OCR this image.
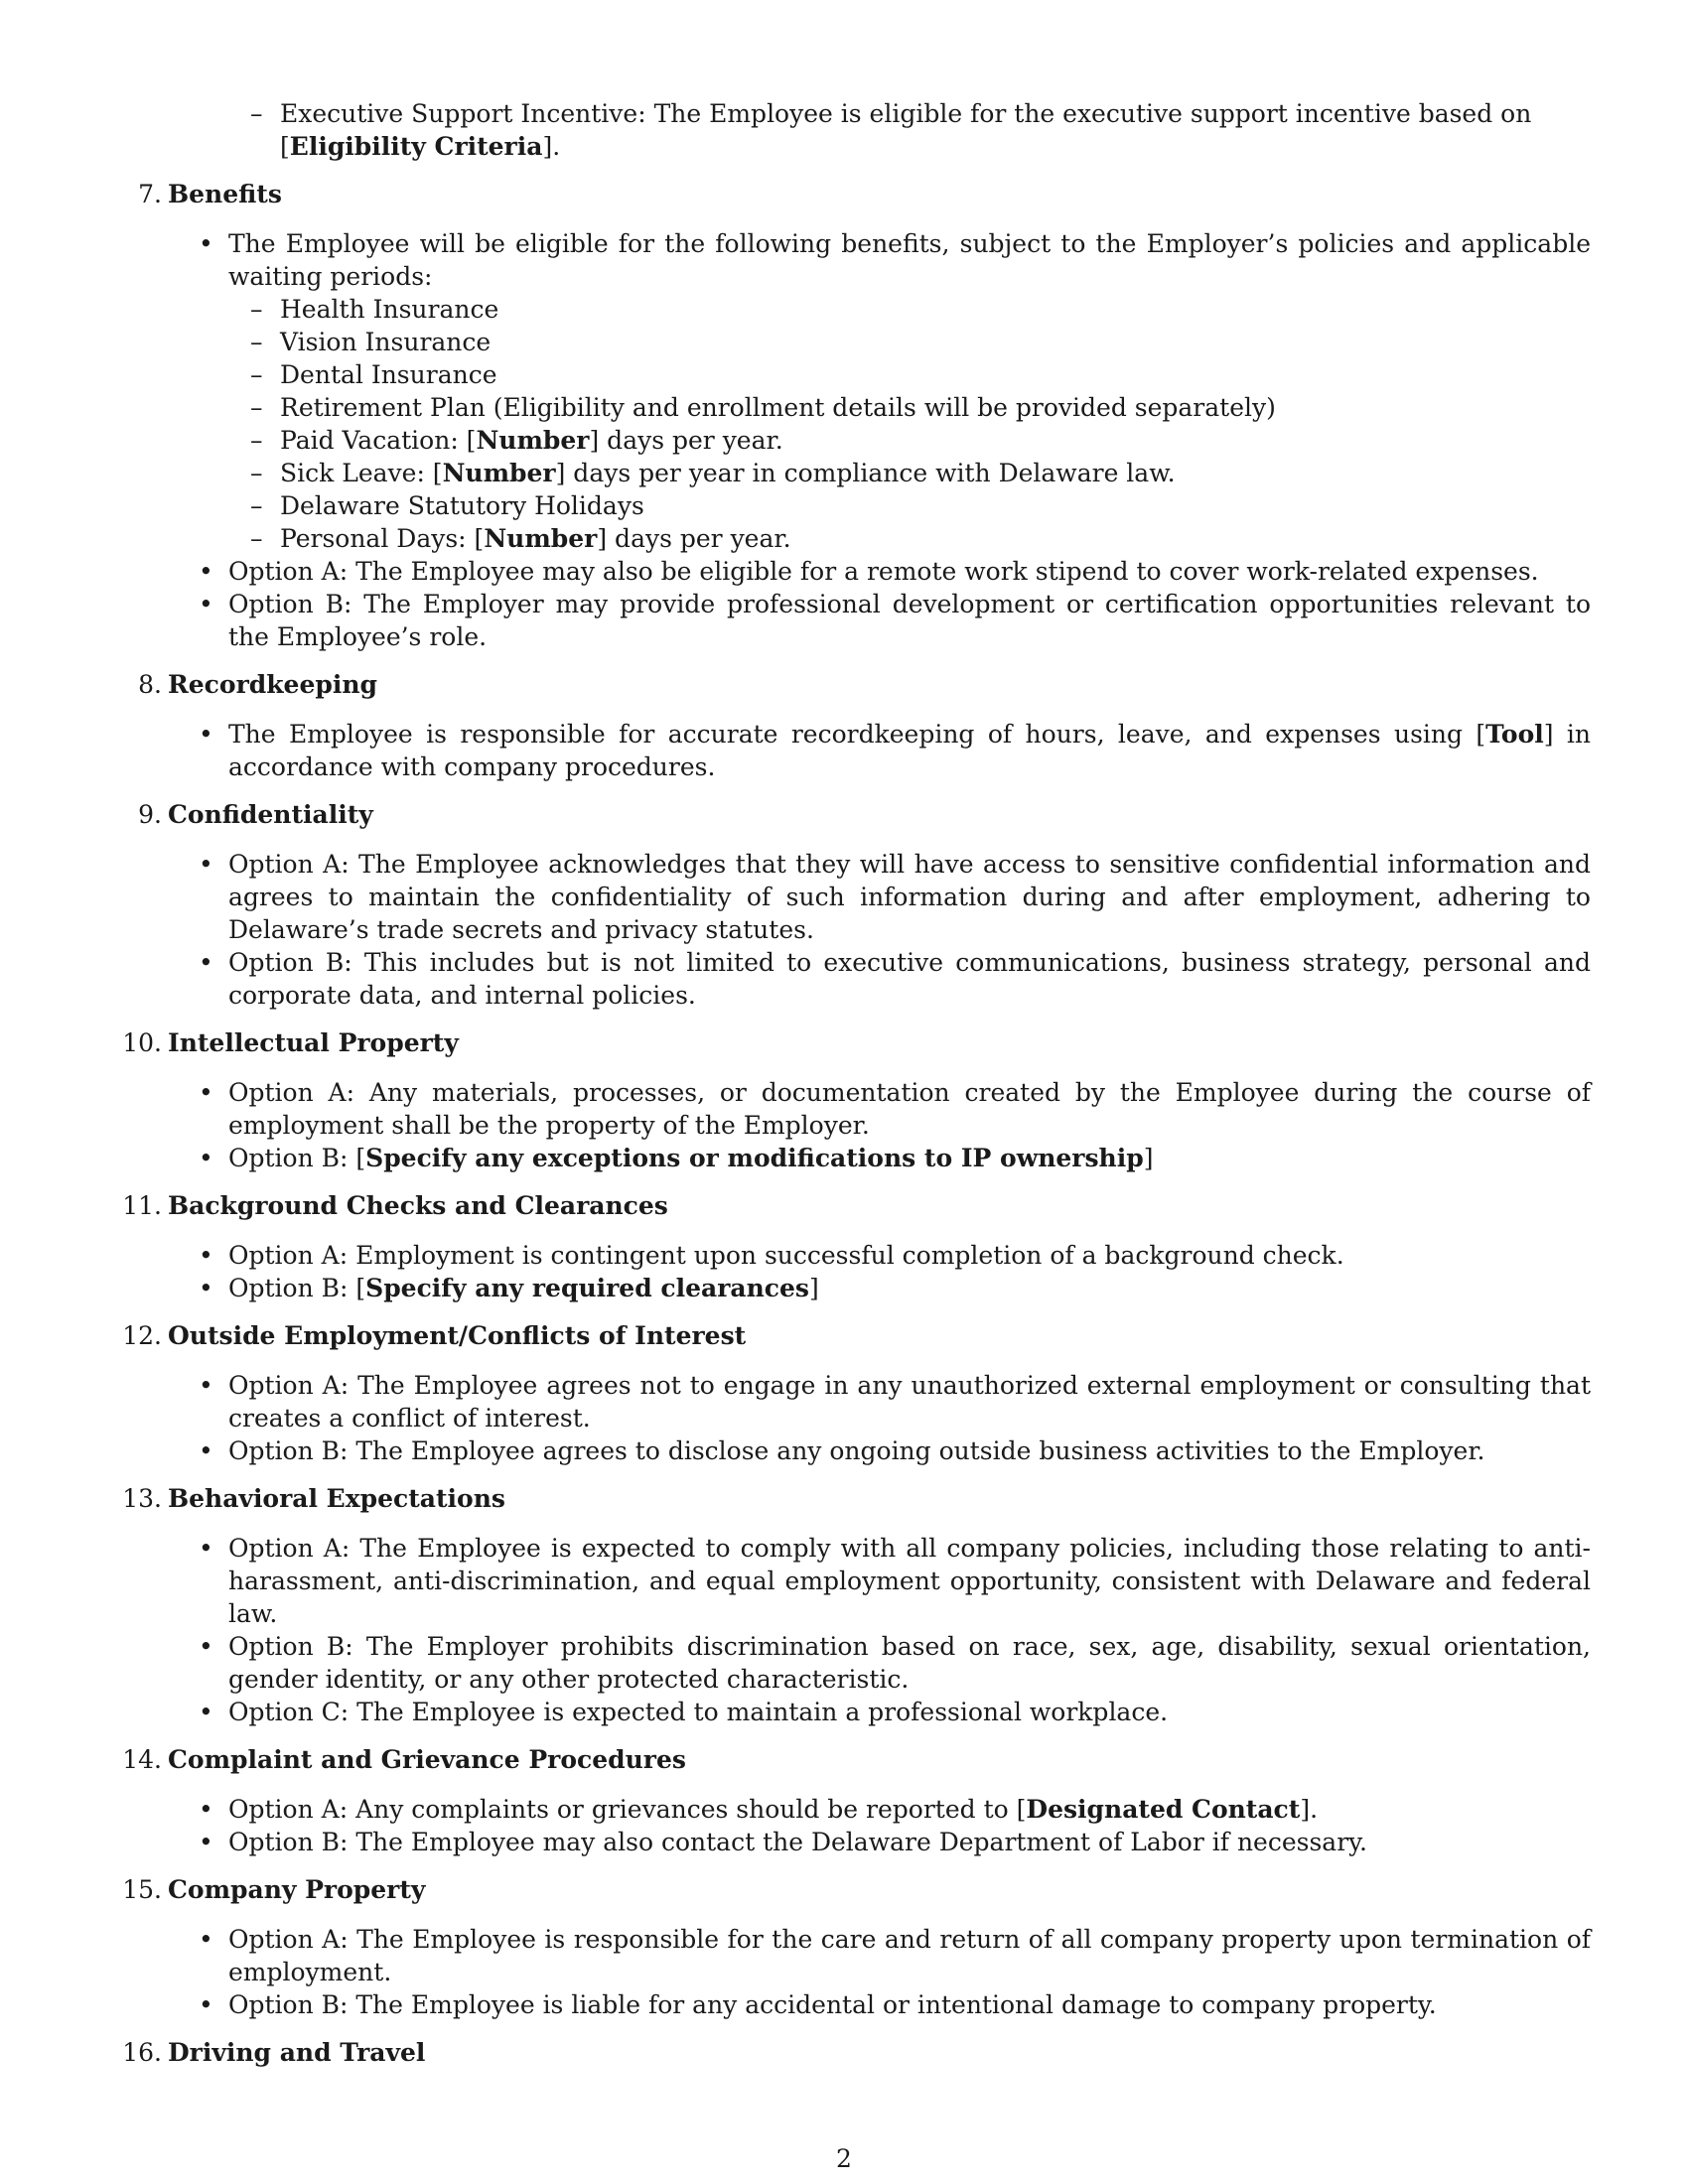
– Executive Support Incentive: The Employee is eligible for the executive support incentive based on [Eligibility Criteria].
7. Benefits
• The Employee will be eligible for the following benefits, subject to the Employer’s policies and applicable waiting periods:
– Health Insurance
– Vision Insurance
– Dental Insurance
– Retirement Plan (Eligibility and enrollment details will be provided separately)
– Paid Vacation: [Number] days per year.
– Sick Leave: [Number] days per year in compliance with Delaware law.
– Delaware Statutory Holidays
– Personal Days: [Number] days per year.
• Option A: The Employee may also be eligible for a remote work stipend to cover work-related expenses.
• Option B: The Employer may provide professional development or certification opportunities relevant to the Employee’s role.
8. Recordkeeping
• The Employee is responsible for accurate recordkeeping of hours, leave, and expenses using [Tool] in accordance with company procedures.
9. Confidentiality
• Option A: The Employee acknowledges that they will have access to sensitive confidential information and agrees to maintain the confidentiality of such information during and after employment, adhering to Delaware’s trade secrets and privacy statutes.
• Option B: This includes but is not limited to executive communications, business strategy, personal and corporate data, and internal policies.
10. Intellectual Property
• Option A: Any materials, processes, or documentation created by the Employee during the course of employment shall be the property of the Employer.
• Option B: [Specify any exceptions or modifications to IP ownership]
11. Background Checks and Clearances
• Option A: Employment is contingent upon successful completion of a background check.
• Option B: [Specify any required clearances]
12. Outside Employment/Conflicts of Interest
• Option A: The Employee agrees not to engage in any unauthorized external employment or consulting that creates a conflict of interest.
• Option B: The Employee agrees to disclose any ongoing outside business activities to the Employer.
13. Behavioral Expectations
• Option A: The Employee is expected to comply with all company policies, including those relating to anti-harassment, anti-discrimination, and equal employment opportunity, consistent with Delaware and federal law.
• Option B: The Employer prohibits discrimination based on race, sex, age, disability, sexual orientation, gender identity, or any other protected characteristic.
• Option C: The Employee is expected to maintain a professional workplace.
14. Complaint and Grievance Procedures
• Option A: Any complaints or grievances should be reported to [Designated Contact].
• Option B: The Employee may also contact the Delaware Department of Labor if necessary.
15. Company Property
• Option A: The Employee is responsible for the care and return of all company property upon termination of employment.
• Option B: The Employee is liable for any accidental or intentional damage to company property.
16. Driving and Travel
2
